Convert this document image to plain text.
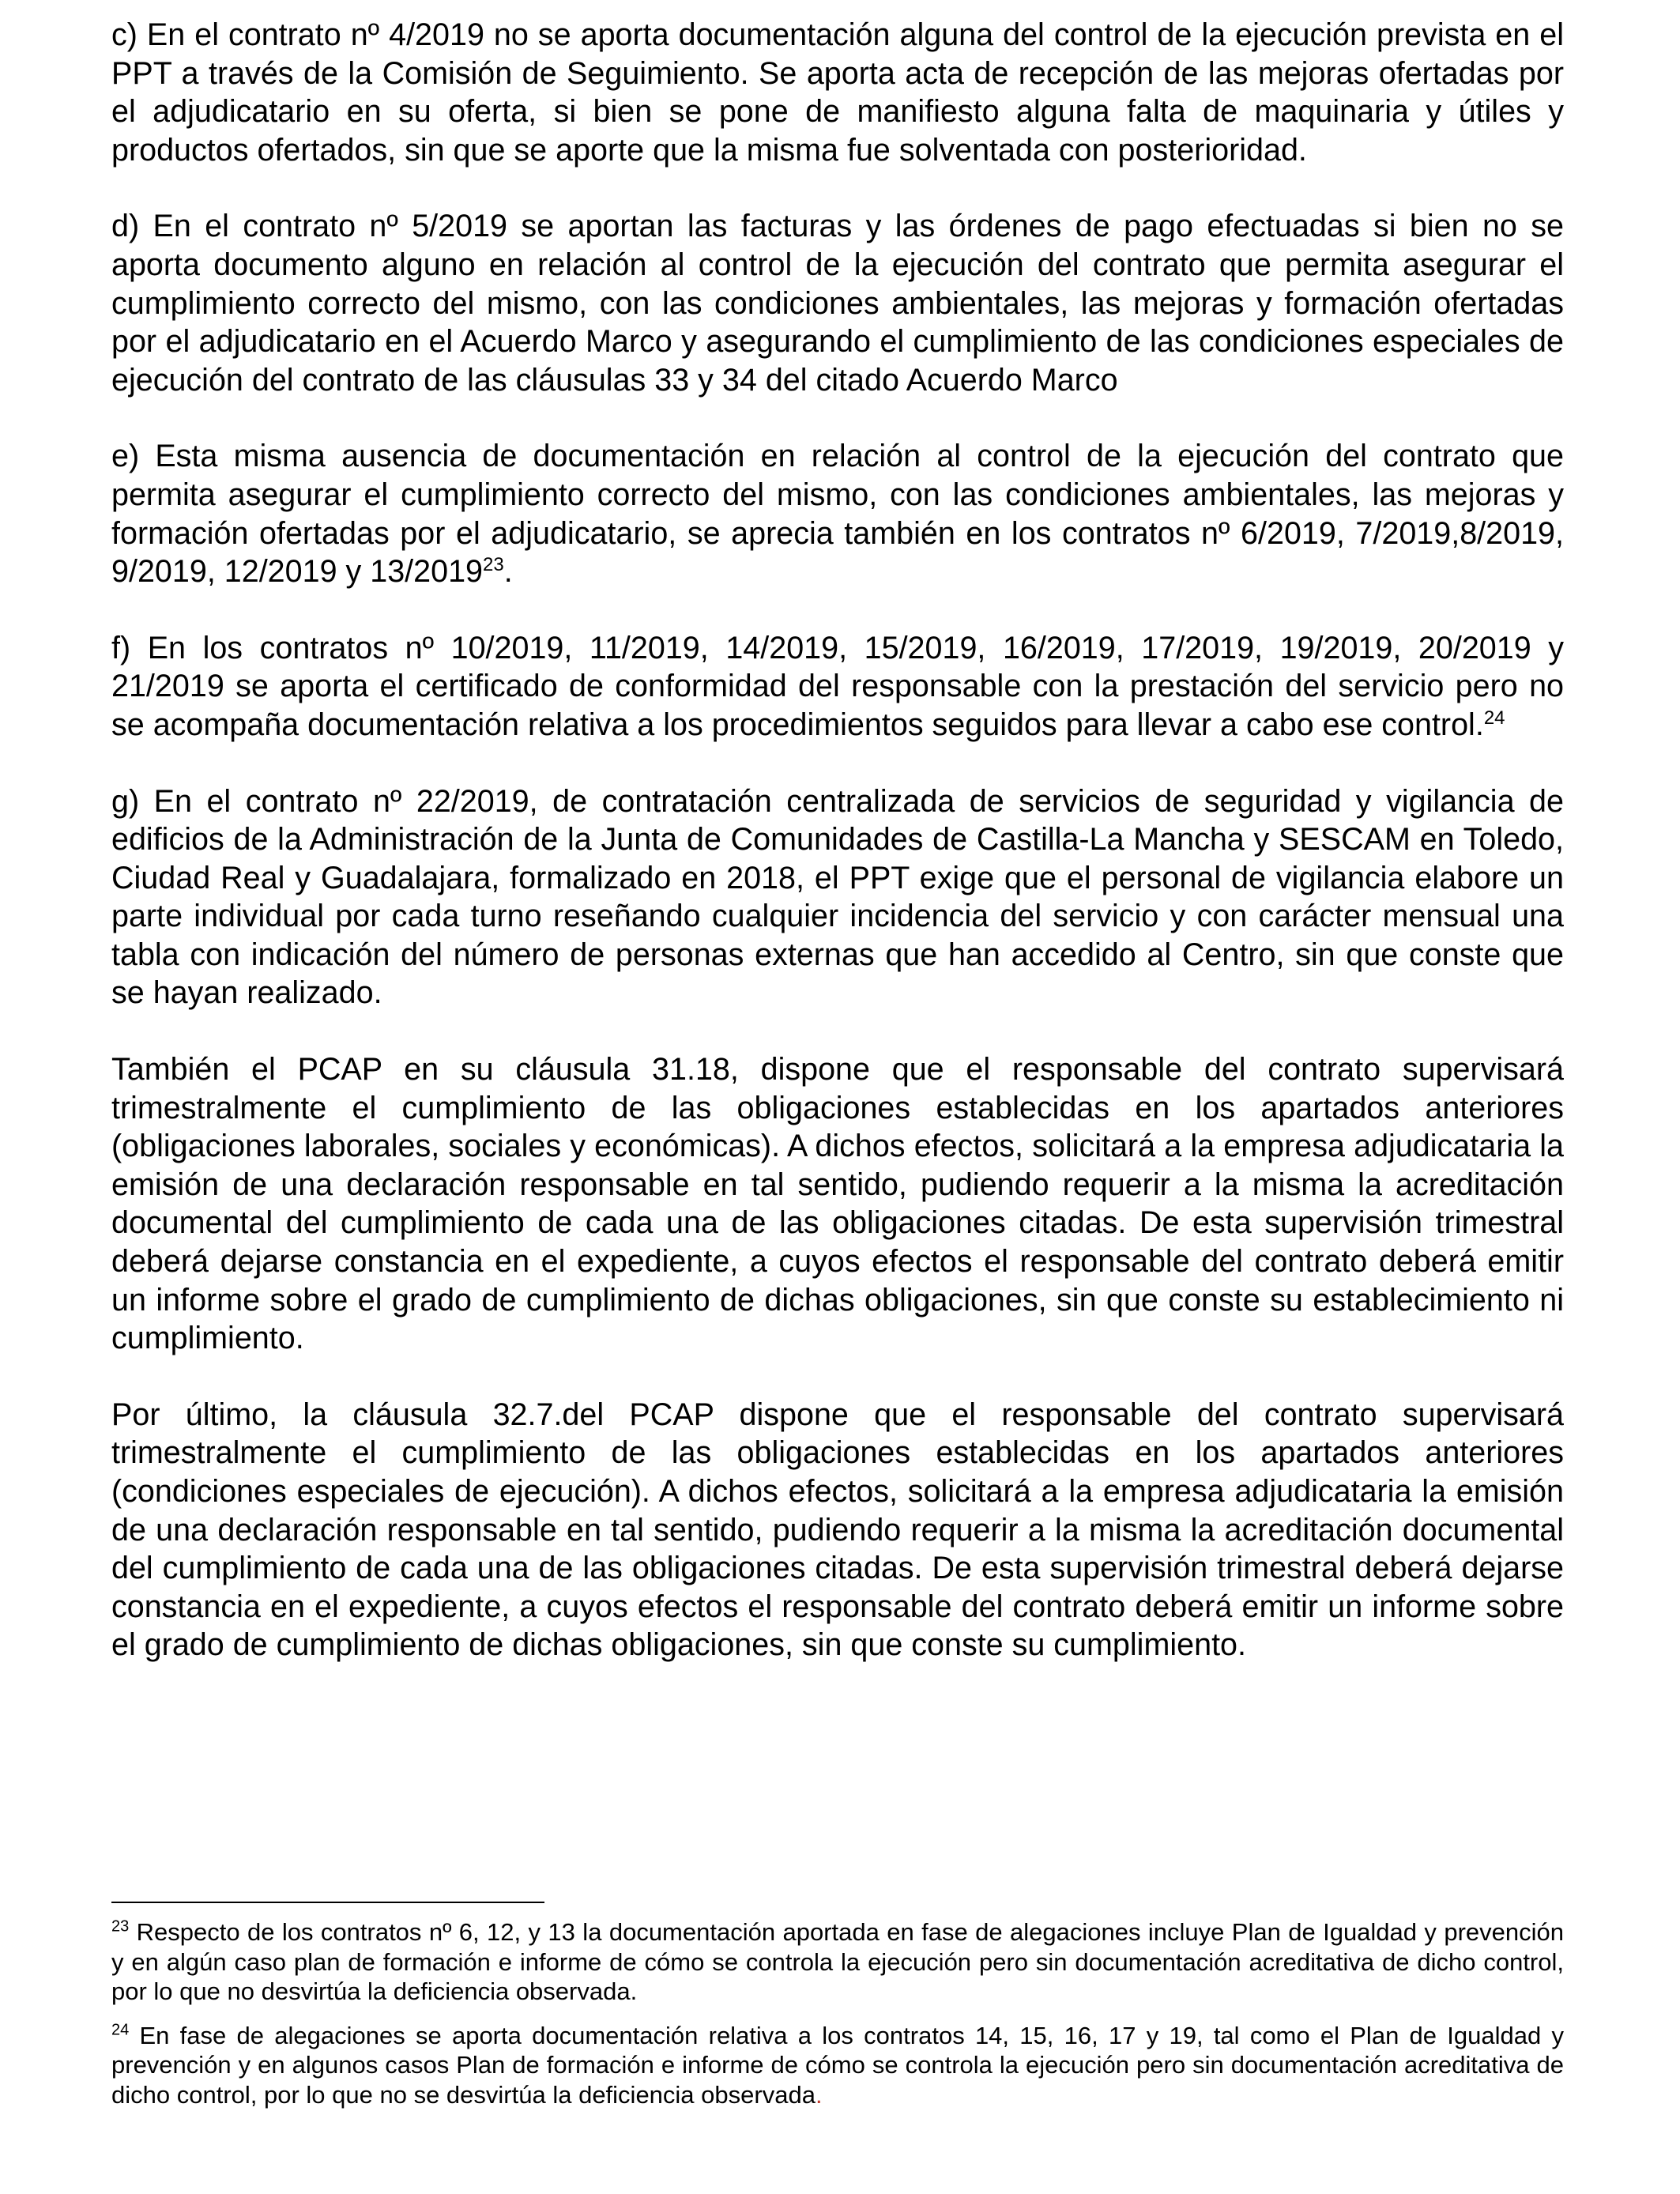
c) En el contrato nº 4/2019 no se aporta documentación alguna del control de la ejecución prevista en el PPT a través de la Comisión de Seguimiento. Se aporta acta de recepción de las mejoras ofertadas por el adjudicatario en su oferta, si bien se pone de manifiesto alguna falta de maquinaria y útiles y productos ofertados, sin que se aporte que la misma fue solventada con posterioridad.

d) En el contrato nº 5/2019 se aportan las facturas y las órdenes de pago efectuadas si bien no se aporta documento alguno en relación al control de la ejecución del contrato que permita asegurar el cumplimiento correcto del mismo, con las condiciones ambientales, las mejoras y formación ofertadas por el adjudicatario en el Acuerdo Marco y asegurando el cumplimiento de las condiciones especiales de ejecución del contrato de las cláusulas 33 y 34 del citado Acuerdo Marco

e) Esta misma ausencia de documentación en relación al control de la ejecución del contrato que permita asegurar el cumplimiento correcto del mismo, con las condiciones ambientales, las mejoras y formación ofertadas por el adjudicatario, se aprecia también en los contratos nº 6/2019, 7/2019,8/2019, 9/2019, 12/2019 y 13/2019$^{23}$.

f) En los contratos nº 10/2019, 11/2019, 14/2019, 15/2019, 16/2019, 17/2019, 19/2019, 20/2019 y 21/2019 se aporta el certificado de conformidad del responsable con la prestación del servicio pero no se acompaña documentación relativa a los procedimientos seguidos para llevar a cabo ese control.$^{24}$

g) En el contrato nº 22/2019, de contratación centralizada de servicios de seguridad y vigilancia de edificios de la Administración de la Junta de Comunidades de Castilla-La Mancha y SESCAM en Toledo, Ciudad Real y Guadalajara, formalizado en 2018, el PPT exige que el personal de vigilancia elabore un parte individual por cada turno reseñando cualquier incidencia del servicio y con carácter mensual una tabla con indicación del número de personas externas que han accedido al Centro, sin que conste que se hayan realizado.

También el PCAP en su cláusula 31.18, dispone que el responsable del contrato supervisará trimestralmente el cumplimiento de las obligaciones establecidas en los apartados anteriores (obligaciones laborales, sociales y económicas). A dichos efectos, solicitará a la empresa adjudicataria la emisión de una declaración responsable en tal sentido, pudiendo requerir a la misma la acreditación documental del cumplimiento de cada una de las obligaciones citadas. De esta supervisión trimestral deberá dejarse constancia en el expediente, a cuyos efectos el responsable del contrato deberá emitir un informe sobre el grado de cumplimiento de dichas obligaciones, sin que conste su establecimiento ni cumplimiento.

Por último, la cláusula 32.7.del PCAP dispone que el responsable del contrato supervisará trimestralmente el cumplimiento de las obligaciones establecidas en los apartados anteriores (condiciones especiales de ejecución). A dichos efectos, solicitará a la empresa adjudicataria la emisión de una declaración responsable en tal sentido, pudiendo requerir a la misma la acreditación documental del cumplimiento de cada una de las obligaciones citadas. De esta supervisión trimestral deberá dejarse constancia en el expediente, a cuyos efectos el responsable del contrato deberá emitir un informe sobre el grado de cumplimiento de dichas obligaciones, sin que conste su cumplimiento.

$^{23}$ Respecto de los contratos nº 6, 12, y 13 la documentación aportada en fase de alegaciones incluye Plan de Igualdad y prevención y en algún caso plan de formación e informe de cómo se controla la ejecución pero sin documentación acreditativa de dicho control, por lo que no desvirtúa la deficiencia observada.

$^{24}$ En fase de alegaciones se aporta documentación relativa a los contratos 14, 15, 16, 17 y 19, tal como el Plan de Igualdad y prevención y en algunos casos Plan de formación e informe de cómo se controla la ejecución pero sin documentación acreditativa de dicho control, por lo que no se desvirtúa la deficiencia observada.
